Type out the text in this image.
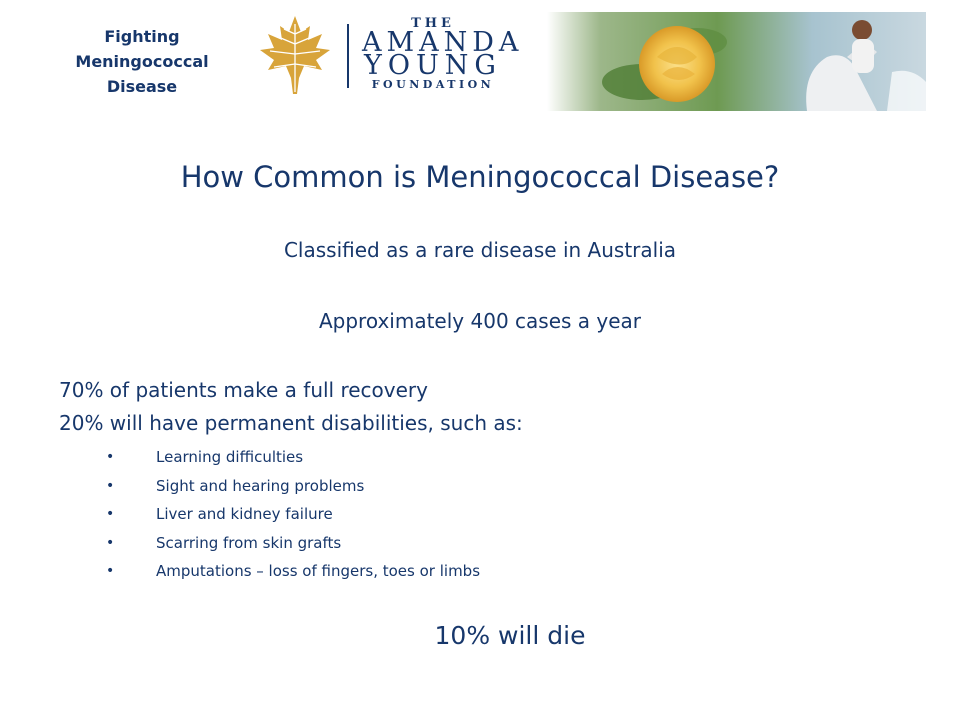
Fighting
Meningococcal
Disease
THE
AMANDA
YOUNG
FOUNDATION
How Common is Meningococcal Disease?
Classified as a rare disease in Australia
Approximately 400 cases a year
70% of patients make a full recovery
20% will have permanent disabilities, such as:
•	Learning difficulties
•	Sight and hearing problems
•	Liver and kidney failure
•	Scarring from skin grafts
•	Amputations – loss of fingers, toes or limbs
10% will die
